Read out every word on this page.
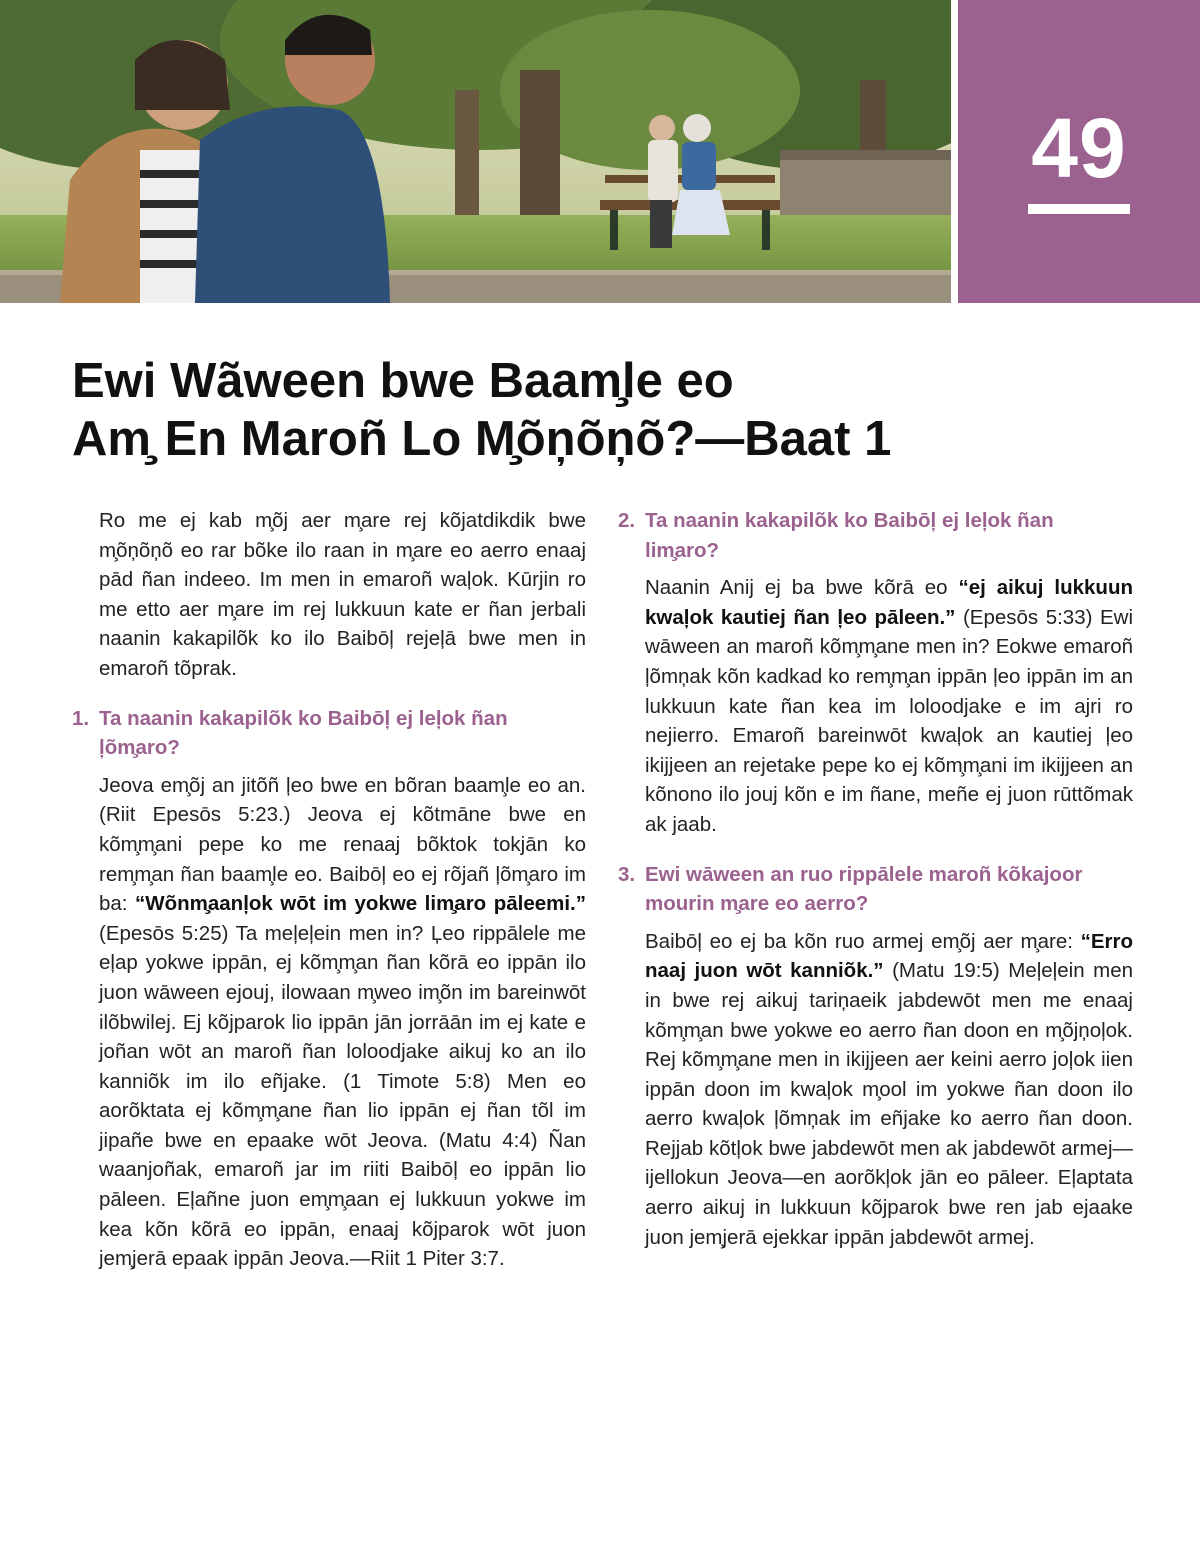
49
Ewi Wãween bwe Baam̧le eo
Am̧ En Maroñ Lo M̧õņõņõ?—Baat 1

Ro me ej kab m̧õj aer m̧are rej kõjatdikdik bwe m̧õņõņõ eo rar bõke ilo raan in m̧are eo aerro enaaj pād ñan indeeo. Im men in emaroñ waļok. Kūrjin ro me etto aer m̧are im rej lukkuun kate er ñan jerbali naanin kakapilõk ko ilo Baibōļ rejeļā bwe men in emaroñ tõprak.

1. Ta naanin kakapilõk ko Baibōļ ej leļok ñan ļõm̧aro?

Jeova em̧õj an jitõñ ļeo bwe en bõran baam̧le eo an. (Riit Epesōs 5:23.) Jeova ej kõtmāne bwe en kõm̧m̧ani pepe ko me renaaj bõktok tokjān ko rem̧m̧an ñan baam̧le eo. Baibōļ eo ej rõjañ ļõm̧aro im ba: “Wõnm̧aanļok wōt im yokwe lim̧aro pāleemi.” (Epesōs 5:25) Ta meļeļein men in? Ļeo rippālele me eļap yokwe ippān, ej kõm̧m̧an ñan kõrā eo ippān ilo juon wāween ejouj, ilowaan m̧weo im̧õn im bareinwōt ilõbwilej. Ej kõjparok lio ippān jān jorrāān im ej kate e joñan wōt an maroñ ñan loloodjake aikuj ko an ilo kanniõk im ilo eñjake. (1 Timote 5:8) Men eo aorõktata ej kõm̧m̧ane ñan lio ippān ej ñan tõl im jipañe bwe en epaake wōt Jeova. (Matu 4:4) Ñan waanjoñak, emaroñ jar im riiti Baibōļ eo ippān lio pāleen. Eļañne juon em̧m̧aan ej lukkuun yokwe im kea kõn kõrā eo ippān, enaaj kõjparok wōt juon jem̧jerā epaak ippān Jeova.—Riit 1 Piter 3:7.

2. Ta naanin kakapilõk ko Baibōļ ej leļok ñan lim̧aro?

Naanin Anij ej ba bwe kõrā eo “ej aikuj lukkuun kwaļok kautiej ñan ļeo pāleen.” (Epesōs 5:33) Ewi wāween an maroñ kõm̧m̧ane men in? Eokwe emaroñ ļõmņak kõn kadkad ko rem̧m̧an ippān ļeo ippān im an lukkuun kate ñan kea im loloodjake e im ajri ro nejierro. Emaroñ bareinwōt kwaļok an kautiej ļeo ikijjeen an rejetake pepe ko ej kõm̧m̧ani im ikijjeen an kõnono ilo jouj kõn e im ñane, meñe ej juon rūttõmak ak jaab.

3. Ewi wāween an ruo rippālele maroñ kõkajoor mourin m̧are eo aerro?

Baibōļ eo ej ba kõn ruo armej em̧õj aer m̧are: “Erro naaj juon wōt kanniõk.” (Matu 19:5) Meļeļein men in bwe rej aikuj tariņaeik jabdewōt men me enaaj kõm̧m̧an bwe yokwe eo aerro ñan doon en m̧õjņoļok. Rej kõm̧m̧ane men in ikijjeen aer keini aerro joļok iien ippān doon im kwaļok m̧ool im yokwe ñan doon ilo aerro kwaļok ļõmņak im eñjake ko aerro ñan doon. Rejjab kõtļok bwe jabdewōt men ak jabdewōt armej—ijellokun Jeova—en aorõkļok jān eo pāleer. Eļaptata aerro aikuj in lukkuun kõjparok bwe ren jab ejaake juon jem̧jerā ejekkar ippān jabdewōt armej.
